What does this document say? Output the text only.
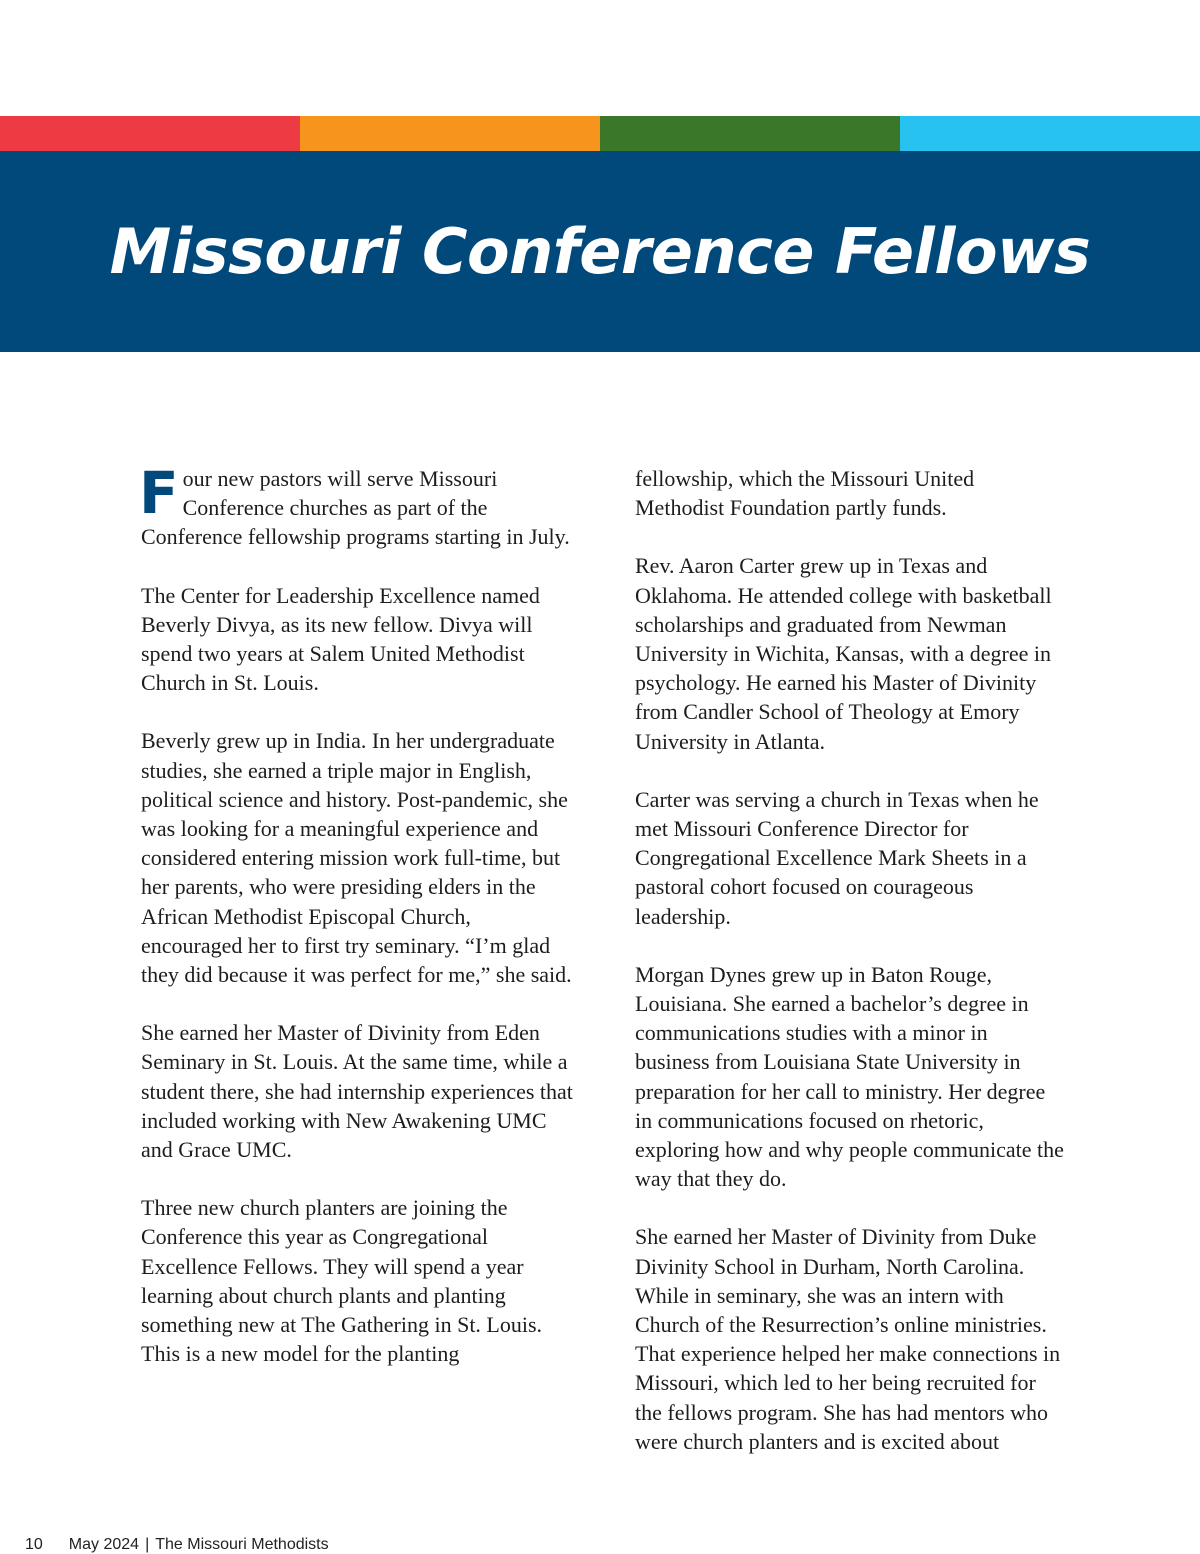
Missouri Conference Fellows

Four new pastors will serve Missouri Conference churches as part of the Conference fellowship programs starting in July.

The Center for Leadership Excellence named Beverly Divya, as its new fellow. Divya will spend two years at Salem United Methodist Church in St. Louis.

Beverly grew up in India. In her undergraduate studies, she earned a triple major in English, political science and history. Post-pandemic, she was looking for a meaningful experience and considered entering mission work full-time, but her parents, who were presiding elders in the African Methodist Episcopal Church, encouraged her to first try seminary. “I’m glad they did because it was perfect for me,” she said.

She earned her Master of Divinity from Eden Seminary in St. Louis. At the same time, while a student there, she had internship experiences that included working with New Awakening UMC and Grace UMC.

Three new church planters are joining the Conference this year as Congregational Excellence Fellows. They will spend a year learning about church plants and planting something new at The Gathering in St. Louis. This is a new model for the planting

fellowship, which the Missouri United Methodist Foundation partly funds.

Rev. Aaron Carter grew up in Texas and Oklahoma. He attended college with basketball scholarships and graduated from Newman University in Wichita, Kansas, with a degree in psychology. He earned his Master of Divinity from Candler School of Theology at Emory University in Atlanta.

Carter was serving a church in Texas when he met Missouri Conference Director for Congregational Excellence Mark Sheets in a pastoral cohort focused on courageous leadership.

Morgan Dynes grew up in Baton Rouge, Louisiana. She earned a bachelor’s degree in communications studies with a minor in business from Louisiana State University in preparation for her call to ministry. Her degree in communications focused on rhetoric, exploring how and why people communicate the way that they do.

She earned her Master of Divinity from Duke Divinity School in Durham, North Carolina. While in seminary, she was an intern with Church of the Resurrection’s online ministries. That experience helped her make connections in Missouri, which led to her being recruited for the fellows program. She has had mentors who were church planters and is excited about

10 May 2024 | The Missouri Methodists
